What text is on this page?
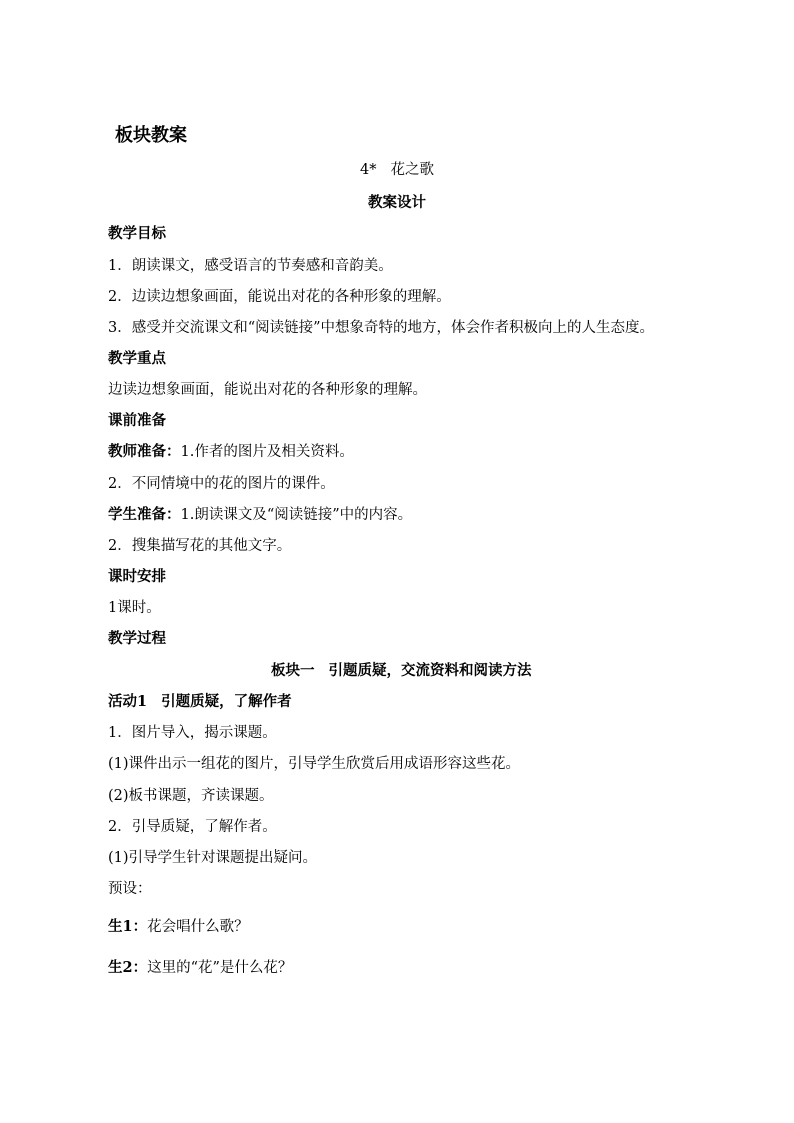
板块教案
4* 花之歌
教案设计
教学目标
1．朗读课文，感受语言的节奏感和音韵美。
2．边读边想象画面，能说出对花的各种形象的理解。
3．感受并交流课文和“阅读链接”中想象奇特的地方，体会作者积极向上的人生态度。
教学重点
边读边想象画面，能说出对花的各种形象的理解。
课前准备
教师准备：1.作者的图片及相关资料。
2．不同情境中的花的图片的课件。
学生准备：1.朗读课文及“阅读链接”中的内容。
2．搜集描写花的其他文字。
课时安排
1课时。
教学过程
板块一 引题质疑，交流资料和阅读方法
活动1 引题质疑，了解作者
1．图片导入，揭示课题。
(1)课件出示一组花的图片，引导学生欣赏后用成语形容这些花。
(2)板书课题，齐读课题。
2．引导质疑，了解作者。
(1)引导学生针对课题提出疑问。
预设：
生1：花会唱什么歌？
生2：这里的“花”是什么花？
